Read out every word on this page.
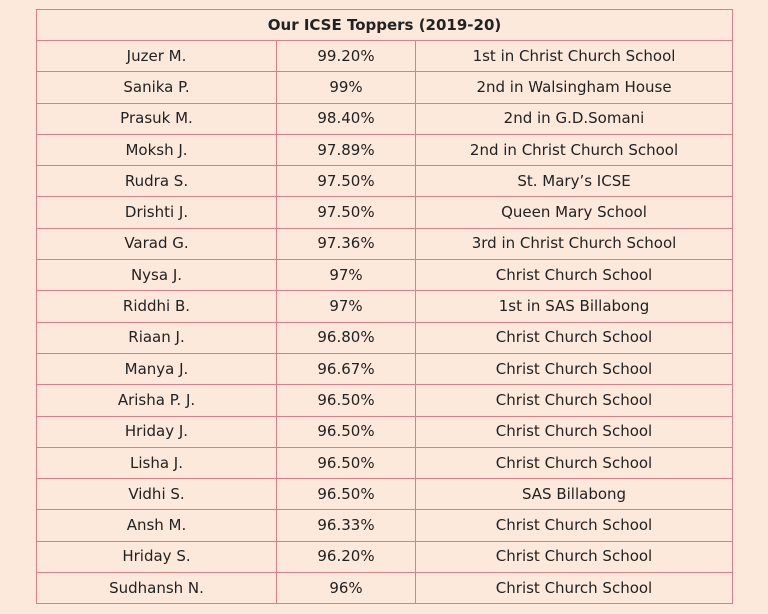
Our ICSE Toppers (2019-20)		
Juzer M.	99.20%	1st in Christ Church School
Sanika P.	99%	2nd in Walsingham House
Prasuk M.	98.40%	2nd in G.D.Somani
Moksh J.	97.89%	2nd in Christ Church School
Rudra S.	97.50%	St. Mary’s ICSE
Drishti J.	97.50%	Queen Mary School
Varad G.	97.36%	3rd in Christ Church School
Nysa J.	97%	Christ Church School
Riddhi B.	97%	1st in SAS Billabong
Riaan J.	96.80%	Christ Church School
Manya J.	96.67%	Christ Church School
Arisha P. J.	96.50%	Christ Church School
Hriday J.	96.50%	Christ Church School
Lisha J.	96.50%	Christ Church School
Vidhi S.	96.50%	SAS Billabong
Ansh M.	96.33%	Christ Church School
Hriday S.	96.20%	Christ Church School
Sudhansh N.	96%	Christ Church School
